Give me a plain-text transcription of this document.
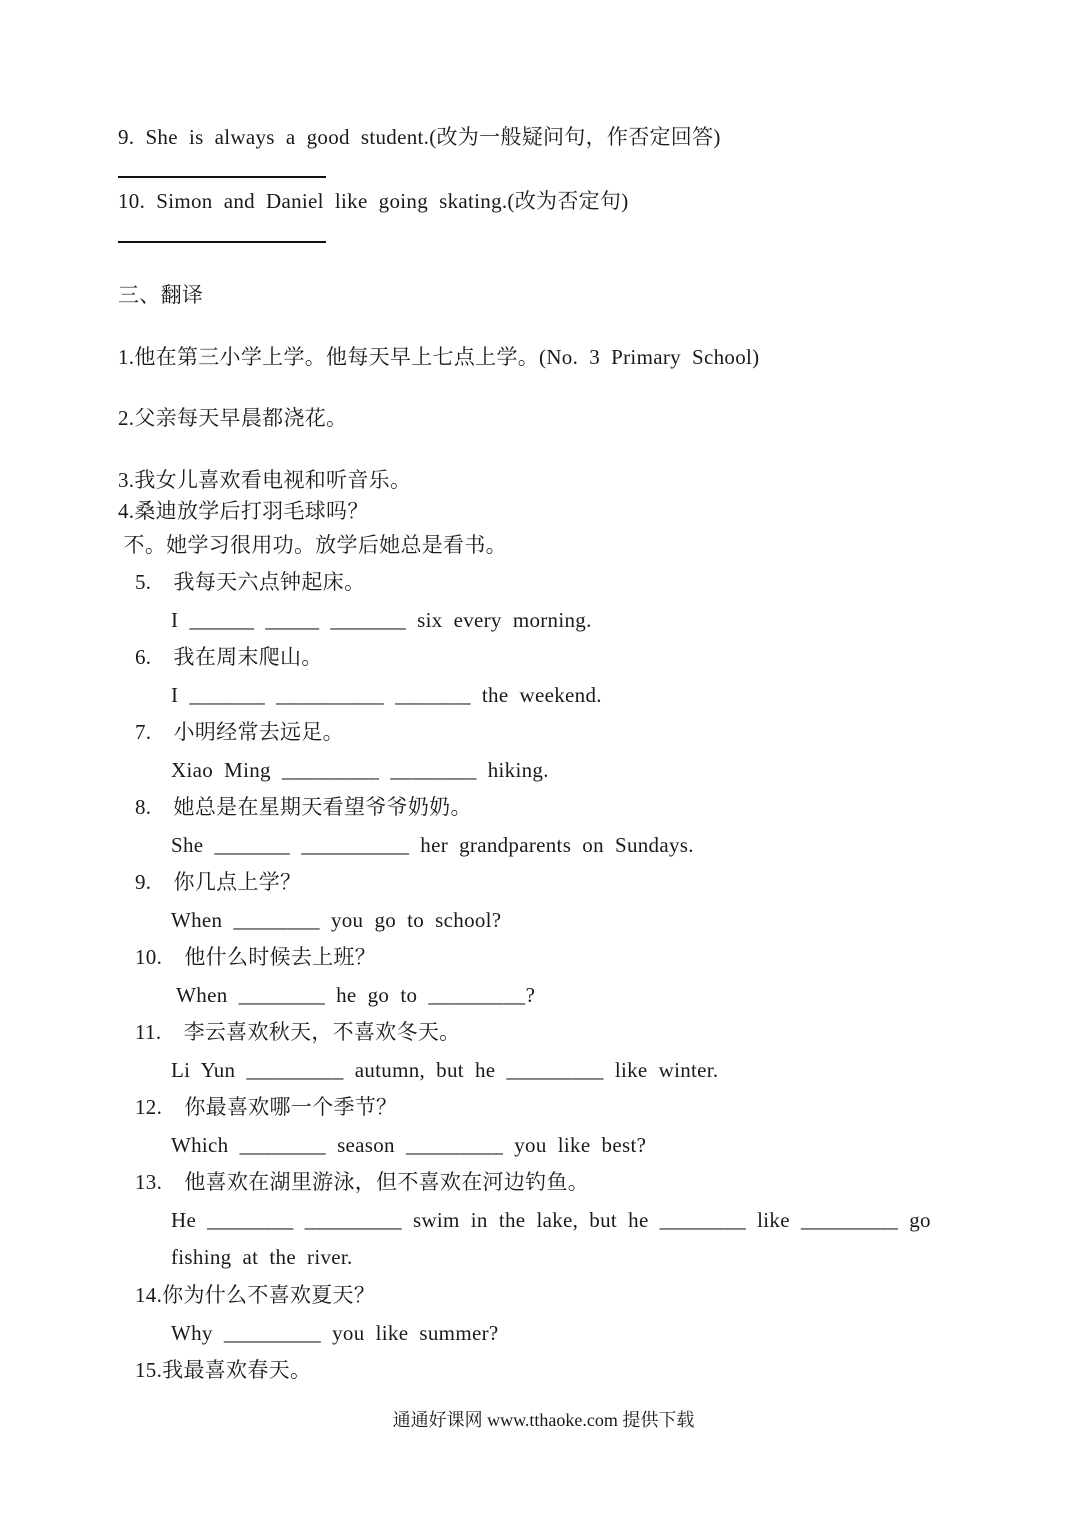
9.  She  is  always  a  good  student.(改为一般疑问句，作否定回答)
10.  Simon  and  Daniel  like  going  skating.(改为否定句)
三、翻译
1.他在第三小学上学。他每天早上七点上学。(No.  3  Primary  School)
2.父亲每天早晨都浇花。
3.我女儿喜欢看电视和听音乐。
4.桑迪放学后打羽毛球吗？
不。她学习很用功。放学后她总是看书。
5.    我每天六点钟起床。
I  ______  _____  _______  six  every  morning.
6.    我在周末爬山。
I  _______  __________  _______  the  weekend.
7.    小明经常去远足。
Xiao  Ming  _________  ________  hiking.
8.    她总是在星期天看望爷爷奶奶。
She  _______  __________  her  grandparents  on  Sundays.
9.    你几点上学？
When  ________  you  go  to  school?
10.    他什么时候去上班？
When  ________  he  go  to  _________?
11.    李云喜欢秋天，不喜欢冬天。
Li  Yun  _________  autumn,  but  he  _________  like  winter.
12.    你最喜欢哪一个季节？
Which  ________  season  _________  you  like  best?
13.    他喜欢在湖里游泳，但不喜欢在河边钓鱼。
He  ________  _________  swim  in  the  lake,  but  he  ________  like  _________  go
fishing  at  the  river.
14.你为什么不喜欢夏天？
Why  _________  you  like  summer?
15.我最喜欢春天。
通通好课网 www.tthaoke.com 提供下载
